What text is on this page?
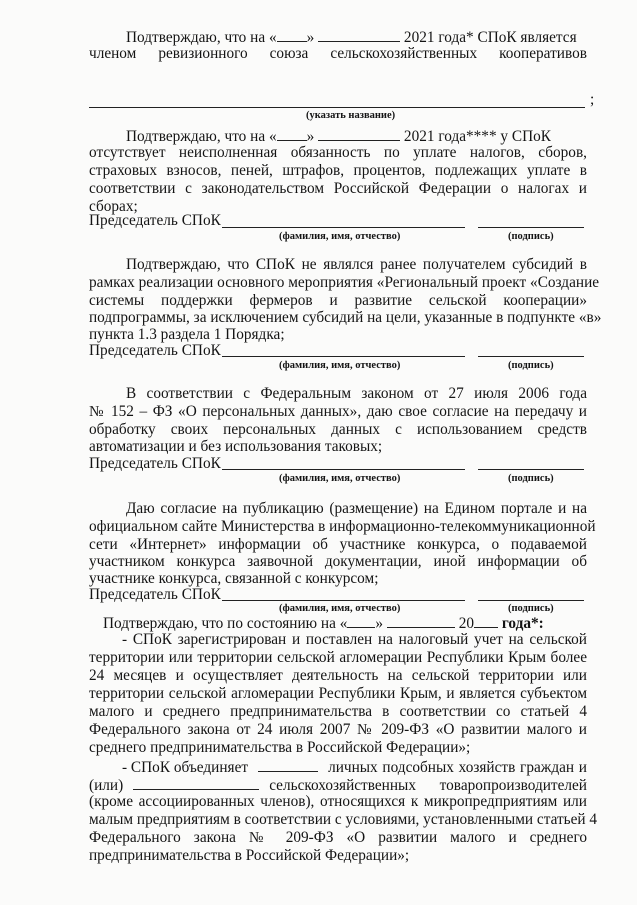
Подтверждаю, что на « »	2021 года* СПоК является
членом ревизионного союза сельскохозяйственных кооперативов
;
(указать название)
Подтверждаю, что на « »	2021 года**** у СПоК
отсутствует неисполненная обязанность по уплате налогов, сборов,
страховых взносов, пеней, штрафов, процентов, подлежащих уплате в
соответствии с законодательством Российской Федерации о налогах и
сборах;
Председатель СПоК
(фамилия, имя, отчество)	(подпись)
Подтверждаю, что СПоК не являлся ранее получателем субсидий в
рамках реализации основного мероприятия «Региональный проект «Создание
системы поддержки фермеров и развитие сельской кооперации»
подпрограммы, за исключением субсидий на цели, указанные в подпункте «в»
пункта 1.3 раздела 1 Порядка;
Председатель СПоК
(фамилия, имя, отчество)	(подпись)
В соответствии с Федеральным законом от 27 июля 2006 года
№ 152 – ФЗ «О персональных данных», даю свое согласие на передачу и
обработку своих персональных данных с использованием средств
автоматизации и без использования таковых;
Председатель СПоК
(фамилия, имя, отчество)	(подпись)
Даю согласие на публикацию (размещение) на Едином портале и на
официальном сайте Министерства в информационно-телекоммуникационной
сети «Интернет» информации об участнике конкурса, о подаваемой
участником конкурса заявочной документации, иной информации об
участнике конкурса, связанной с конкурсом;
Председатель СПоК
(фамилия, имя, отчество)	(подпись)
Подтверждаю, что по состоянию на « »	20 года*:
- СПоК зарегистрирован и поставлен на налоговый учет на сельской
территории или территории сельской агломерации Республики Крым более
24 месяцев и осуществляет деятельность на сельской территории или
территории сельской агломерации Республики Крым, и является субъектом
малого и среднего предпринимательства в соответствии со статьей 4
Федерального закона от 24 июля 2007 № 209-ФЗ «О развитии малого и
среднего предпринимательства в Российской Федерации»;
- СПоК объединяет	личных подсобных хозяйств граждан и
(или)	сельскохозяйственных товаропроизводителей
(кроме ассоциированных членов), относящихся к микропредприятиям или
малым предприятиям в соответствии с условиями, установленными статьей 4
Федерального закона № 209-ФЗ «О развитии малого и среднего
предпринимательства в Российской Федерации»;
